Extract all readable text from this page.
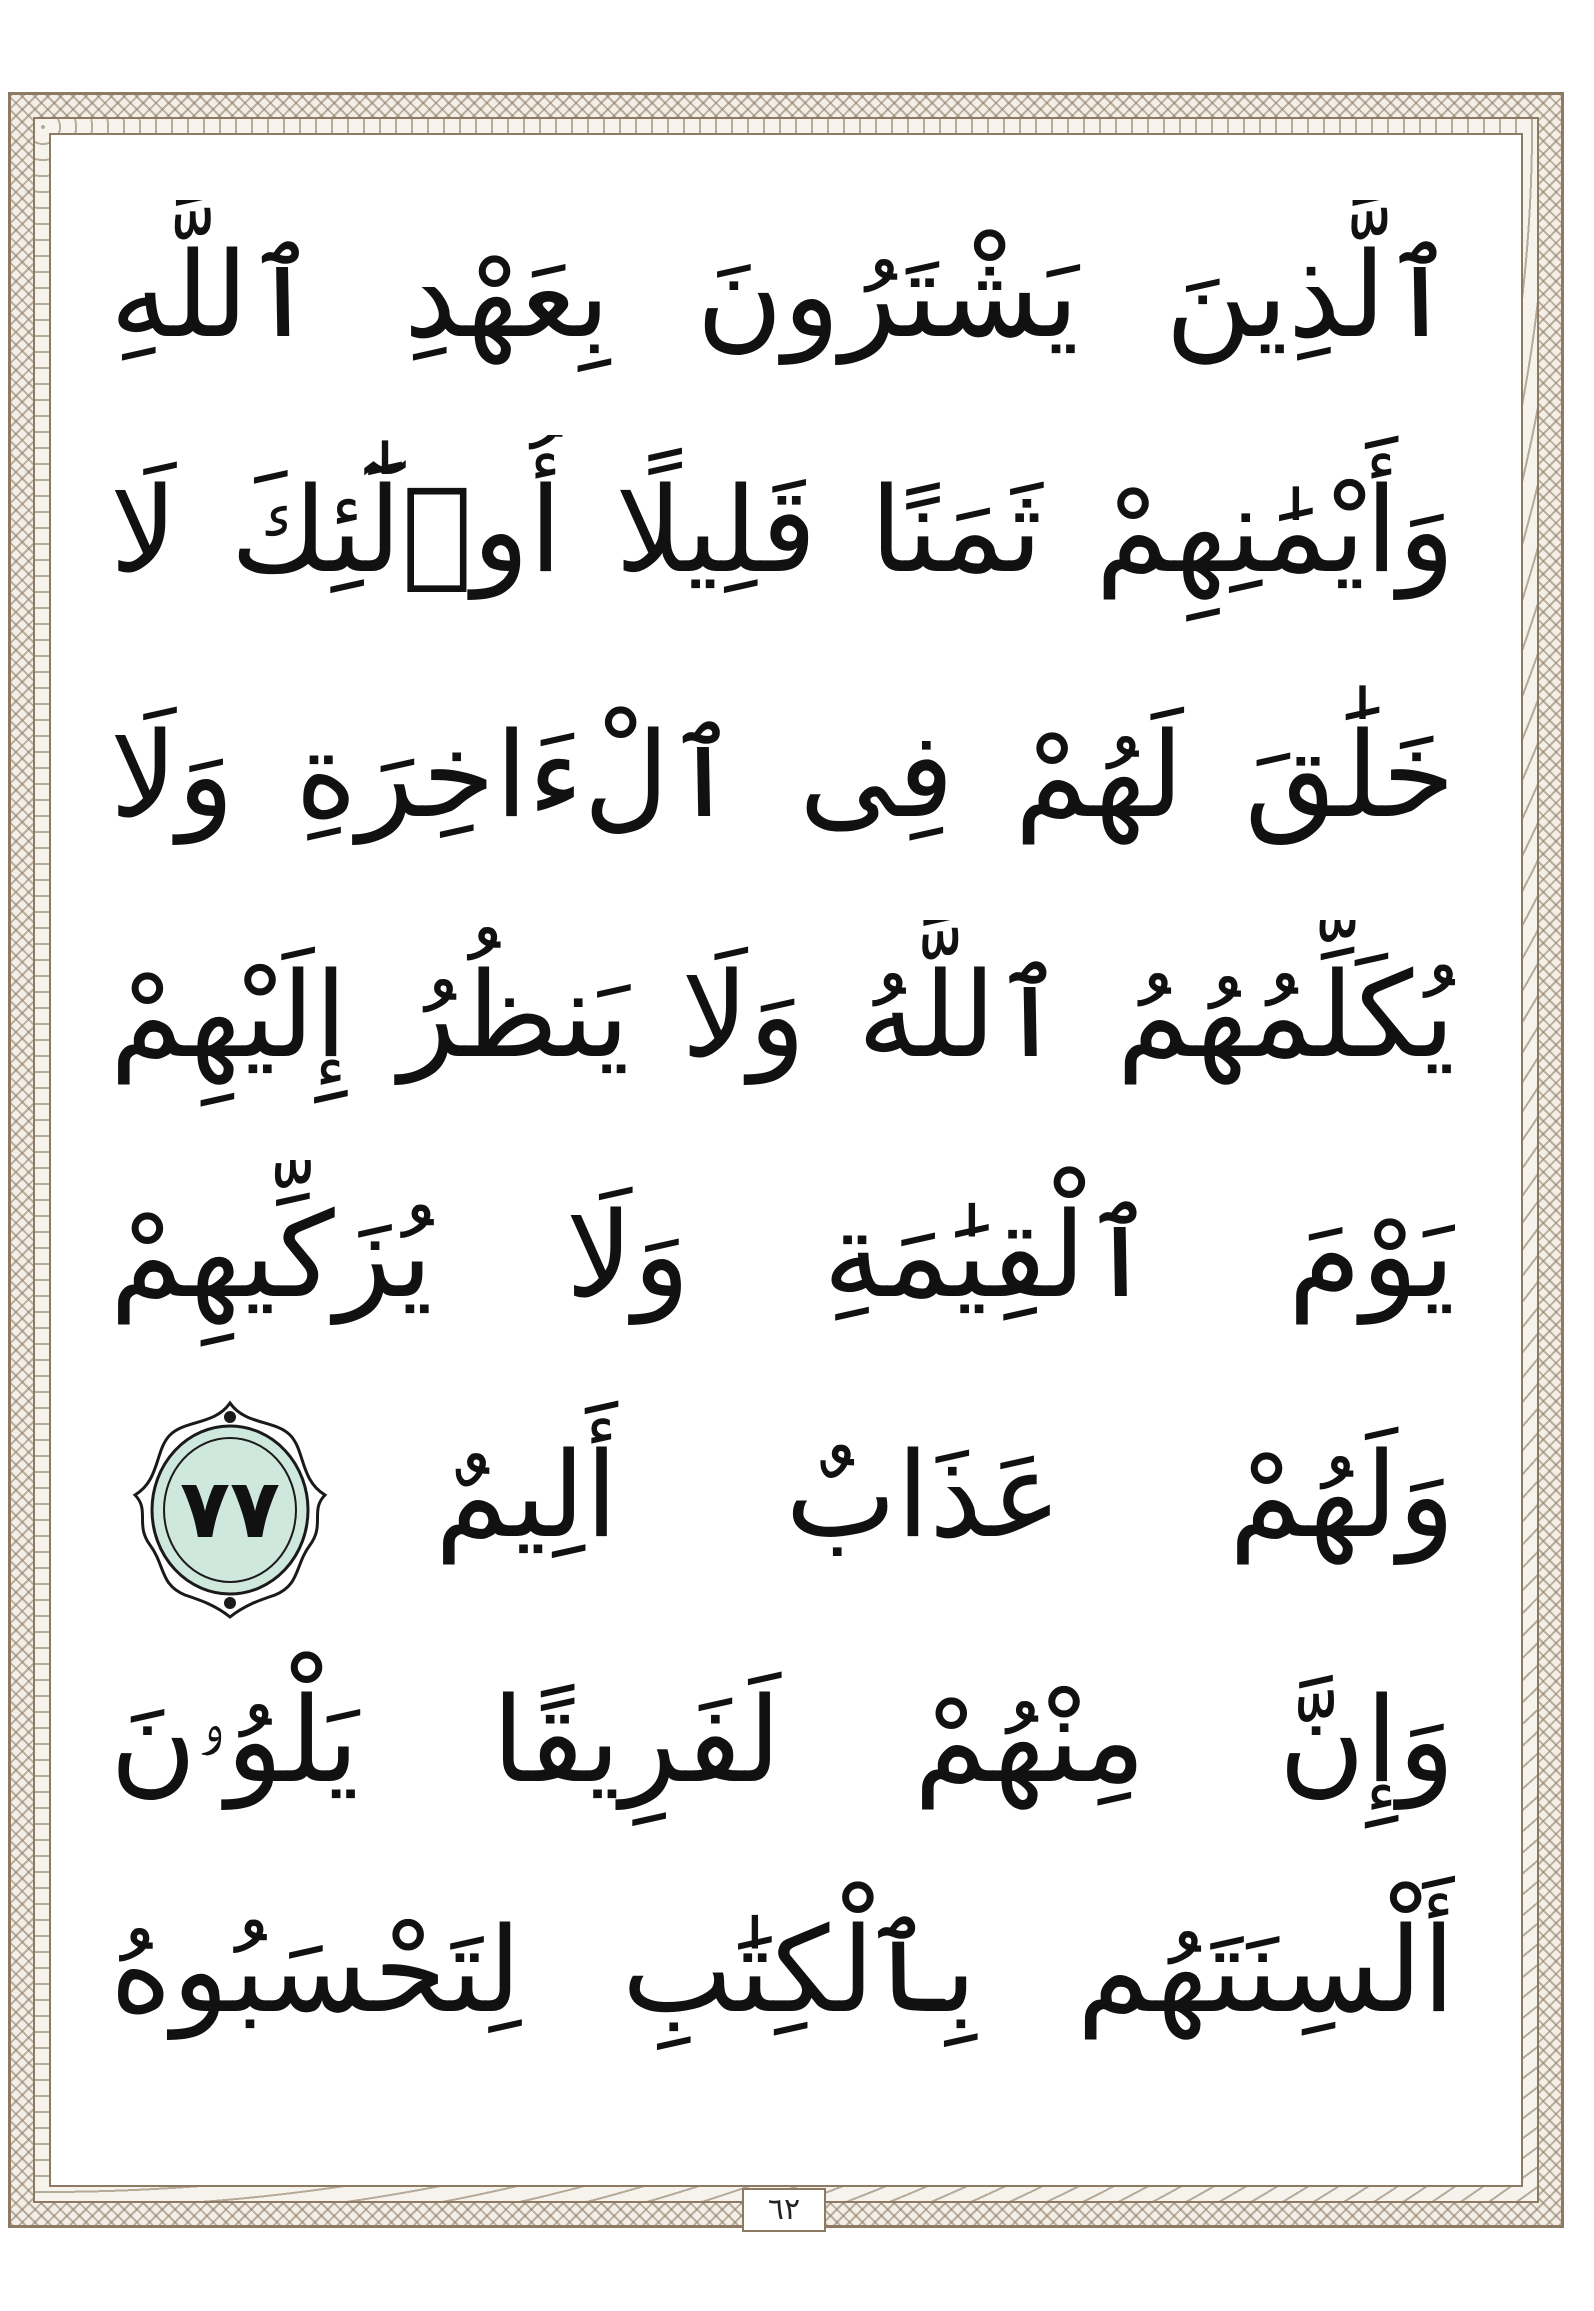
ٱلَّذِينَ يَشْتَرُونَ بِعَهْدِ ٱللَّهِ
وَأَيْمَٰنِهِمْ ثَمَنًا قَلِيلًا أُو۟لَٰٓئِكَ لَا
خَلَٰقَ لَهُمْ فِى ٱلْءَاخِرَةِ وَلَا
يُكَلِّمُهُمُ ٱللَّهُ وَلَا يَنظُرُ إِلَيْهِمْ
يَوْمَ ٱلْقِيَٰمَةِ وَلَا يُزَكِّيهِمْ
وَلَهُمْ عَذَابٌ أَلِيمٌ
وَإِنَّ مِنْهُمْ لَفَرِيقًا يَلْوُۥنَ
أَلْسِنَتَهُم بِٱلْكِتَٰبِ لِتَحْسَبُوهُ
٧٧
٦٢
